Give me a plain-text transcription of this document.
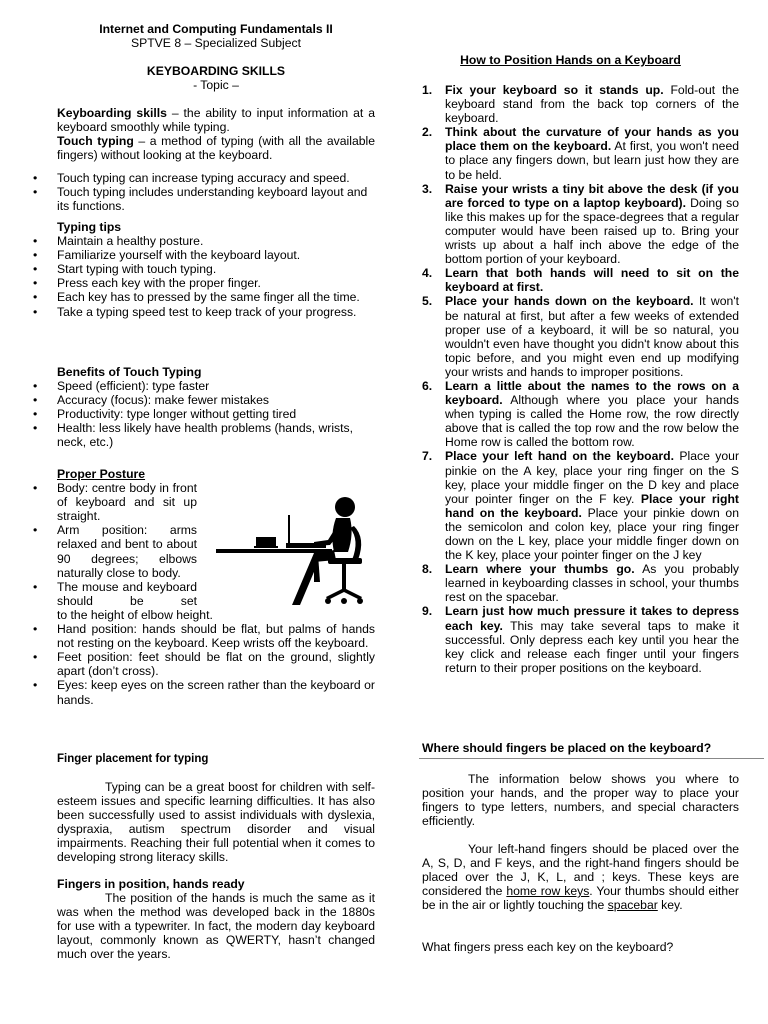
Internet and Computing Fundamentals II

SPTVE 8 – Specialized Subject

KEYBOARDING SKILLS

- Topic –

Keyboarding skills – the ability to input information at a keyboard smoothly while typing.

Touch typing – a method of typing (with all the available fingers) without looking at the keyboard.

• Touch typing can increase typing accuracy and speed.
• Touch typing includes understanding keyboard layout and its functions.

Typing tips

• Maintain a healthy posture.
• Familiarize yourself with the keyboard layout.
• Start typing with touch typing.
• Press each key with the proper finger.
• Each key has to pressed by the same finger all the time.
• Take a typing speed test to keep track of your progress.

Benefits of Touch Typing

• Speed (efficient): type faster
• Accuracy (focus): make fewer mistakes
• Productivity: type longer without getting tired
• Health: less likely have health problems (hands, wrists, neck, etc.)

Proper Posture

• Body: centre body in front of keyboard and sit up straight.
• Arm position: arms relaxed and bent to about 90 degrees; elbows naturally close to body.
• The mouse and keyboard should be set
to the height of elbow height.
• Hand position: hands should be flat, but palms of hands not resting on the keyboard. Keep wrists off the keyboard.
• Feet position: feet should be flat on the ground, slightly apart (don’t cross).
• Eyes: keep eyes on the screen rather than the keyboard or hands.

Finger placement for typing

Typing can be a great boost for children with self-esteem issues and specific learning difficulties. It has also been successfully used to assist individuals with dyslexia, dyspraxia, autism spectrum disorder and visual impairments. Reaching their full potential when it comes to developing strong literacy skills.

Fingers in position, hands ready

The position of the hands is much the same as it was when the method was developed back in the 1880s for use with a typewriter. In fact, the modern day keyboard layout, commonly known as QWERTY, hasn’t changed much over the years.

How to Position Hands on a Keyboard

1. Fix your keyboard so it stands up. Fold-out the keyboard stand from the back top corners of the keyboard.
2. Think about the curvature of your hands as you place them on the keyboard. At first, you won't need to place any fingers down, but learn just how they are to be held.
3. Raise your wrists a tiny bit above the desk (if you are forced to type on a laptop keyboard). Doing so like this makes up for the space-degrees that a regular computer would have been raised up to. Bring your wrists up about a half inch above the edge of the bottom portion of your keyboard.
4. Learn that both hands will need to sit on the keyboard at first.
5. Place your hands down on the keyboard. It won't be natural at first, but after a few weeks of extended proper use of a keyboard, it will be so natural, you wouldn't even have thought you didn't know about this topic before, and you might even end up modifying your wrists and hands to improper positions.
6. Learn a little about the names to the rows on a keyboard. Although where you place your hands when typing is called the Home row, the row directly above that is called the top row and the row below the Home row is called the bottom row.
7. Place your left hand on the keyboard. Place your pinkie on the A key, place your ring finger on the S key, place your middle finger on the D key and place your pointer finger on the F key. Place your right hand on the keyboard. Place your pinkie down on the semicolon and colon key, place your ring finger down on the L key, place your middle finger down on the K key, place your pointer finger on the J key
8. Learn where your thumbs go. As you probably learned in keyboarding classes in school, your thumbs rest on the spacebar.
9. Learn just how much pressure it takes to depress each key. This may take several taps to make it successful. Only depress each key until you hear the key click and release each finger until your fingers return to their proper positions on the keyboard.

Where should fingers be placed on the keyboard?

The information below shows you where to position your hands, and the proper way to place your fingers to type letters, numbers, and special characters efficiently.

Your left-hand fingers should be placed over the A, S, D, and F keys, and the right-hand fingers should be placed over the J, K, L, and ; keys. These keys are considered the home row keys. Your thumbs should either be in the air or lightly touching the spacebar key.

What fingers press each key on the keyboard?
